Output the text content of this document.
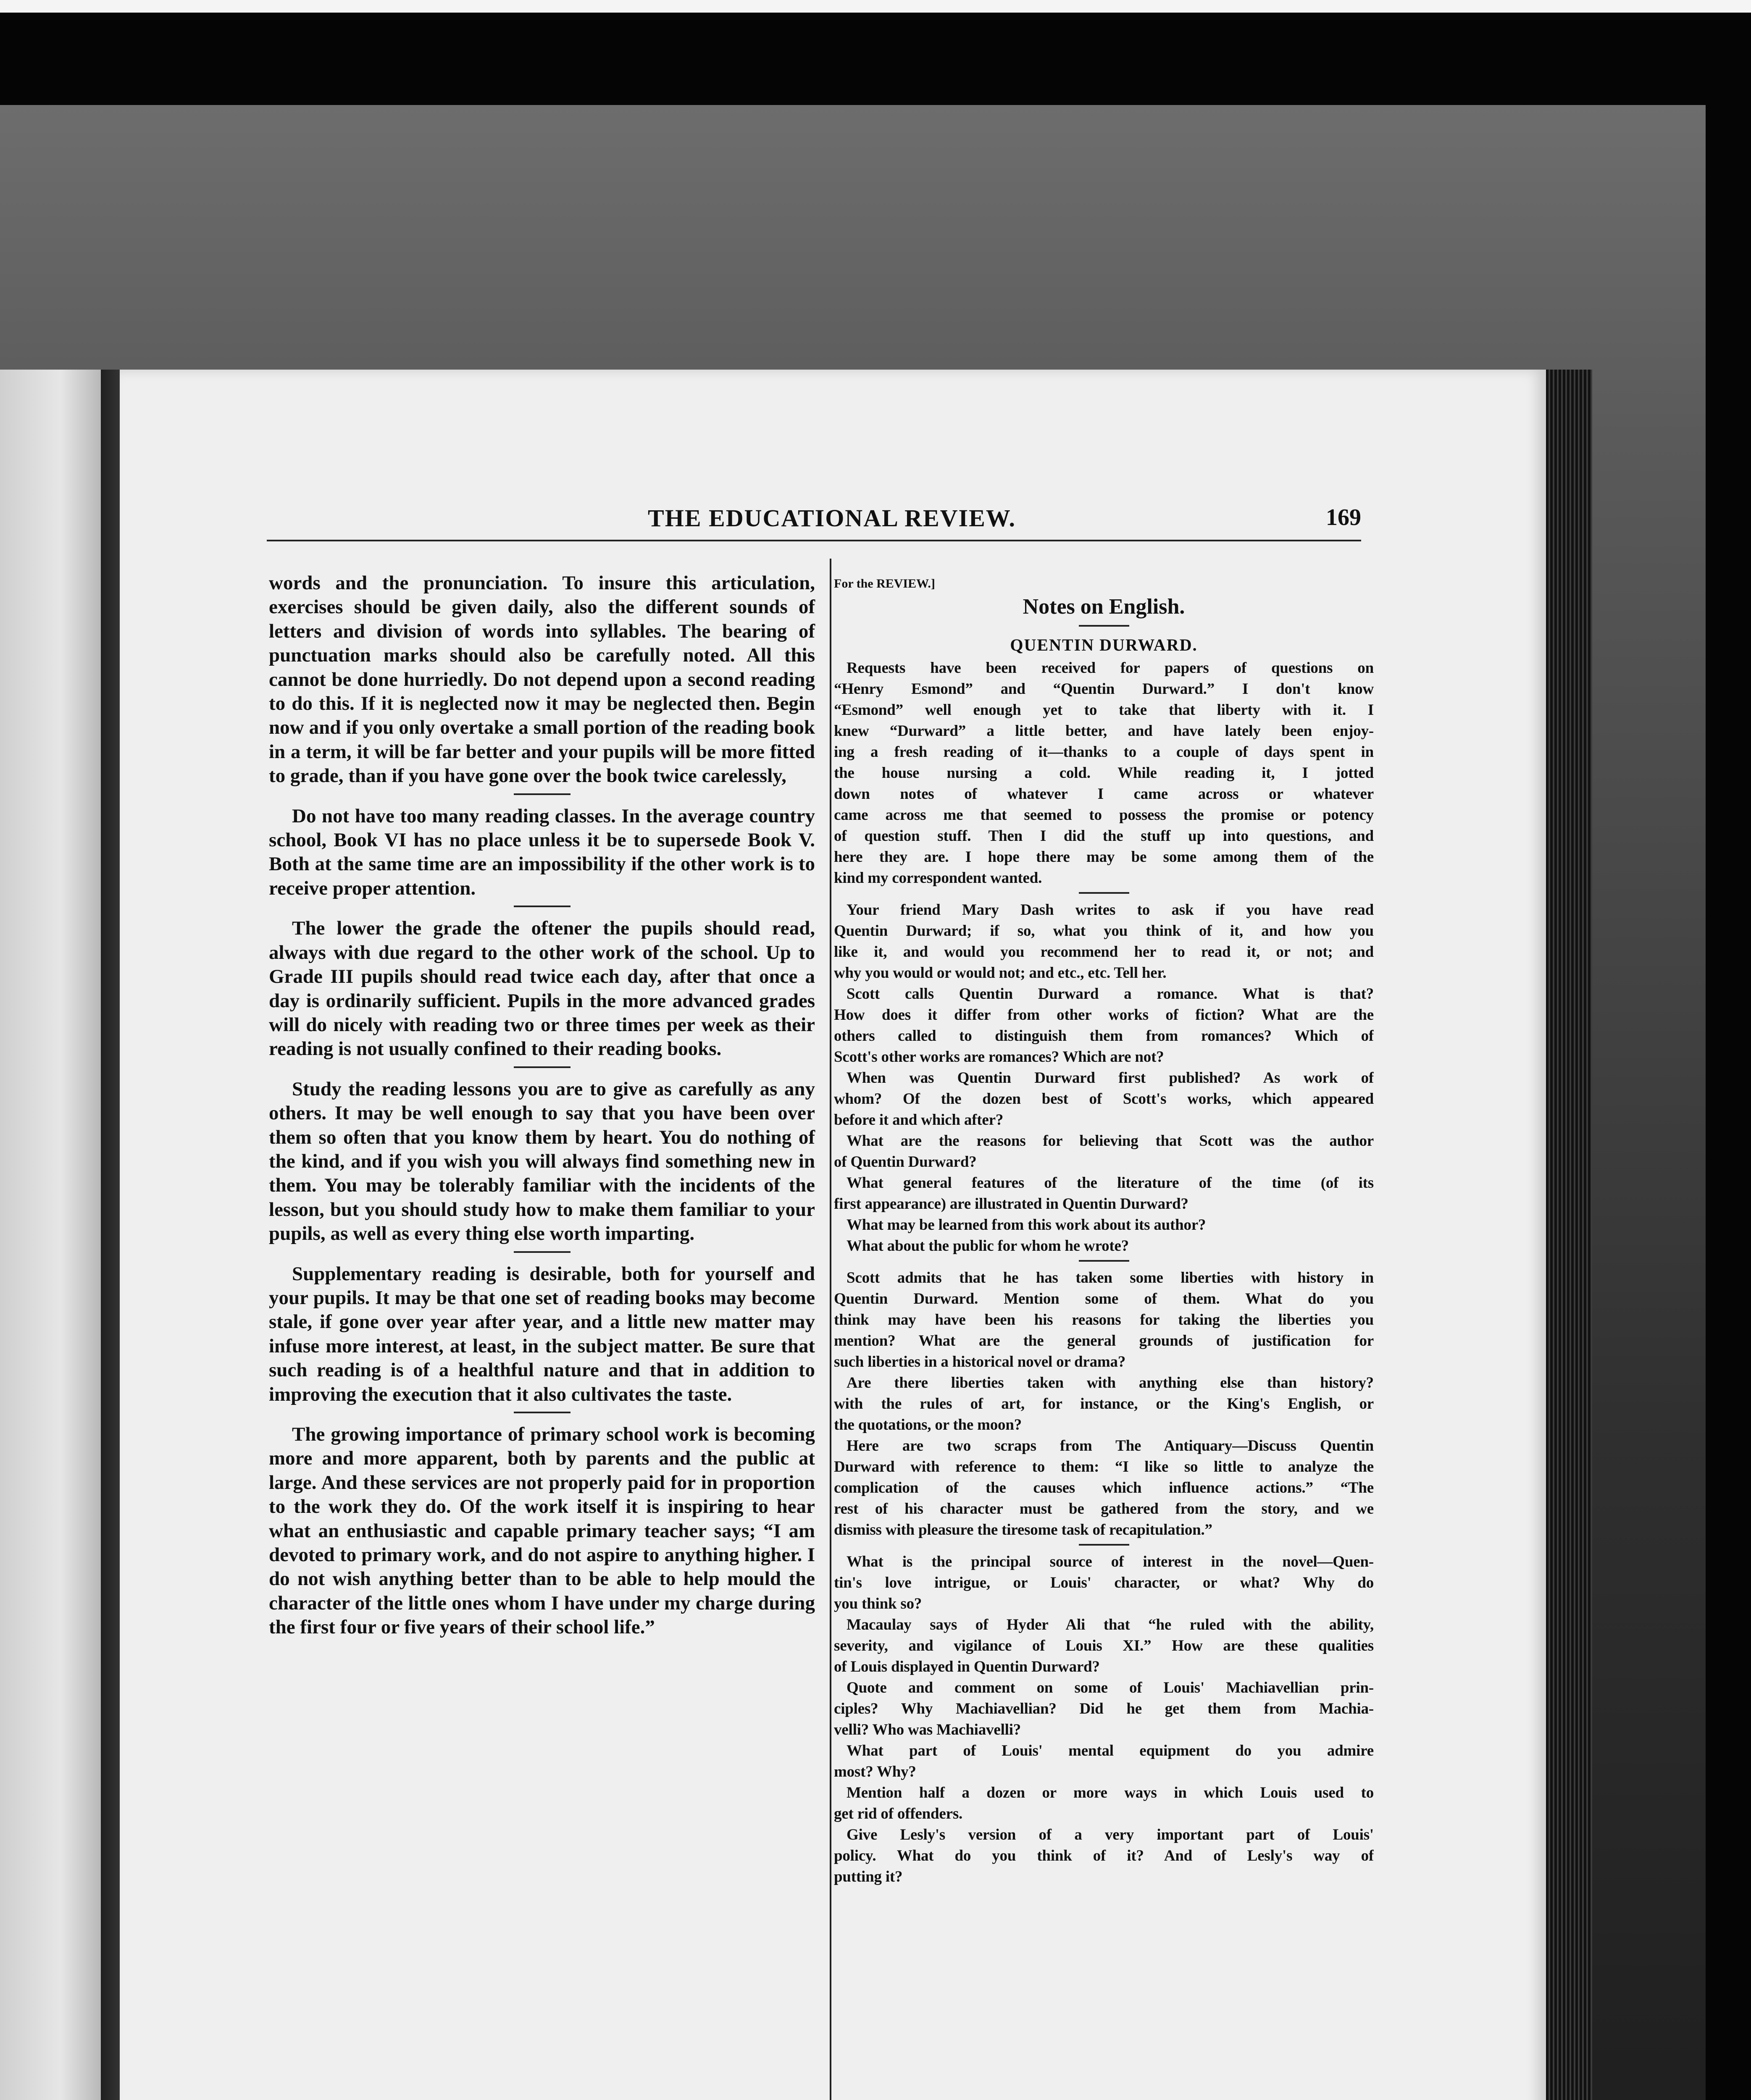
THE EDUCATIONAL REVIEW.	169

words and the pronunciation. To insure this articulation, exercises should be given daily, also the different sounds of letters and division of words into syllables. The bearing of punctuation marks should also be carefully noted. All this cannot be done hurriedly. Do not depend upon a second reading to do this. If it is neglected now it may be neglected then. Begin now and if you only overtake a small portion of the reading book in a term, it will be far better and your pupils will be more fitted to grade, than if you have gone over the book twice carelessly,

Do not have too many reading classes. In the average country school, Book VI has no place unless it be to supersede Book V. Both at the same time are an impossibility if the other work is to receive proper attention.

The lower the grade the oftener the pupils should read, always with due regard to the other work of the school. Up to Grade III pupils should read twice each day, after that once a day is ordinarily sufficient. Pupils in the more advanced grades will do nicely with reading two or three times per week as their reading is not usually confined to their reading books.

Study the reading lessons you are to give as carefully as any others. It may be well enough to say that you have been over them so often that you know them by heart. You do nothing of the kind, and if you wish you will always find something new in them. You may be tolerably familiar with the incidents of the lesson, but you should study how to make them familiar to your pupils, as well as every thing else worth imparting.

Supplementary reading is desirable, both for yourself and your pupils. It may be that one set of reading books may become stale, if gone over year after year, and a little new matter may infuse more interest, at least, in the subject matter. Be sure that such reading is of a healthful nature and that in addition to improving the execution that it also cultivates the taste.

The growing importance of primary school work is becoming more and more apparent, both by parents and the public at large. And these services are not properly paid for in proportion to the work they do. Of the work itself it is inspiring to hear what an enthusiastic and capable primary teacher says; “I am devoted to primary work, and do not aspire to anything higher. I do not wish anything better than to be able to help mould the character of the little ones whom I have under my charge during the first four or five years of their school life.”

For the REVIEW.]
Notes on English.
QUENTIN DURWARD.
Requests have been received for papers of questions on
“Henry Esmond” and “Quentin Durward.” I don't know
“Esmond” well enough yet to take that liberty with it. I
knew “Durward” a little better, and have lately been enjoy-
ing a fresh reading of it—thanks to a couple of days spent in
the house nursing a cold. While reading it, I jotted
down notes of whatever I came across or whatever
came across me that seemed to possess the promise or potency
of question stuff. Then I did the stuff up into questions, and
here they are. I hope there may be some among them of the
kind my correspondent wanted.
Your friend Mary Dash writes to ask if you have read
Quentin Durward; if so, what you think of it, and how you
like it, and would you recommend her to read it, or not; and
why you would or would not; and etc., etc. Tell her.
Scott calls Quentin Durward a romance. What is that?
How does it differ from other works of fiction? What are the
others called to distinguish them from romances? Which of
Scott's other works are romances? Which are not?
When was Quentin Durward first published? As work of
whom? Of the dozen best of Scott's works, which appeared
before it and which after?
What are the reasons for believing that Scott was the author
of Quentin Durward?
What general features of the literature of the time (of its
first appearance) are illustrated in Quentin Durward?
What may be learned from this work about its author?
What about the public for whom he wrote?
Scott admits that he has taken some liberties with history in
Quentin Durward. Mention some of them. What do you
think may have been his reasons for taking the liberties you
mention? What are the general grounds of justification for
such liberties in a historical novel or drama?
Are there liberties taken with anything else than history?
with the rules of art, for instance, or the King's English, or
the quotations, or the moon?
Here are two scraps from The Antiquary—Discuss Quentin
Durward with reference to them: “I like so little to analyze the
complication of the causes which influence actions.” “The
rest of his character must be gathered from the story, and we
dismiss with pleasure the tiresome task of recapitulation.”
What is the principal source of interest in the novel—Quen-
tin's love intrigue, or Louis' character, or what? Why do
you think so?
Macaulay says of Hyder Ali that “he ruled with the ability,
severity, and vigilance of Louis XI.” How are these qualities
of Louis displayed in Quentin Durward?
Quote and comment on some of Louis' Machiavellian prin-
ciples? Why Machiavellian? Did he get them from Machia-
velli? Who was Machiavelli?
What part of Louis' mental equipment do you admire
most? Why?
Mention half a dozen or more ways in which Louis used to
get rid of offenders.
Give Lesly's version of a very important part of Louis'
policy. What do you think of it? And of Lesly's way of
putting it?
